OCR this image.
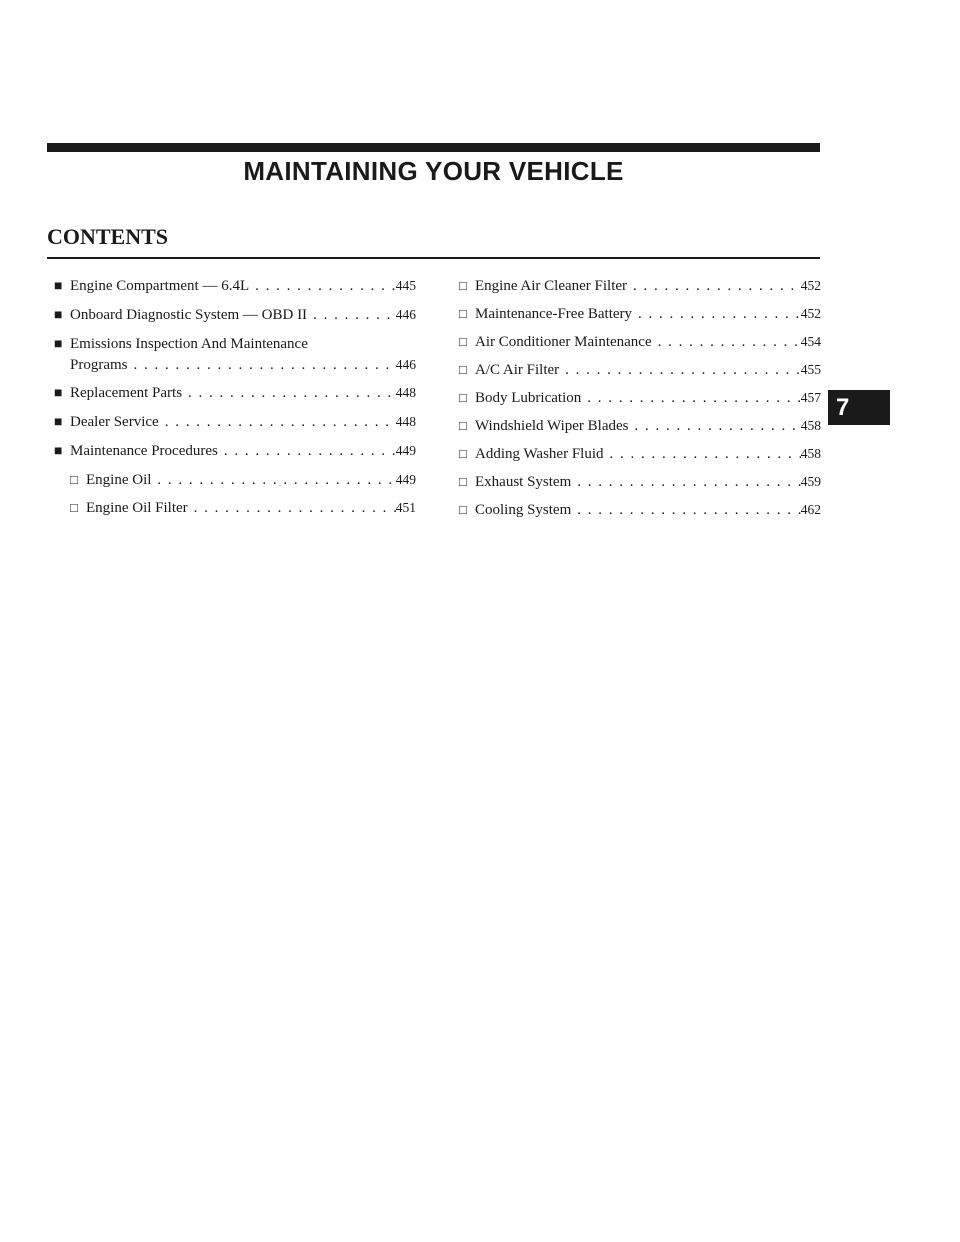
MAINTAINING YOUR VEHICLE
CONTENTS
■ Engine Compartment — 6.4L . . .	445
■ Onboard Diagnostic System — OBD II . . .	446
■ Emissions Inspection And Maintenance
Programs . . .	446
■ Replacement Parts . . .	448
■ Dealer Service . . .	448
■ Maintenance Procedures . . .	449
□ Engine Oil . . .	449
□ Engine Oil Filter . . .	451
□ Engine Air Cleaner Filter . . .	452
□ Maintenance-Free Battery . . .	452
□ Air Conditioner Maintenance . . .	454
□ A/C Air Filter . . .	455
□ Body Lubrication . . .	457
□ Windshield Wiper Blades . . .	458
□ Adding Washer Fluid . . .	458
□ Exhaust System . . .	459
□ Cooling System . . .	462
7
